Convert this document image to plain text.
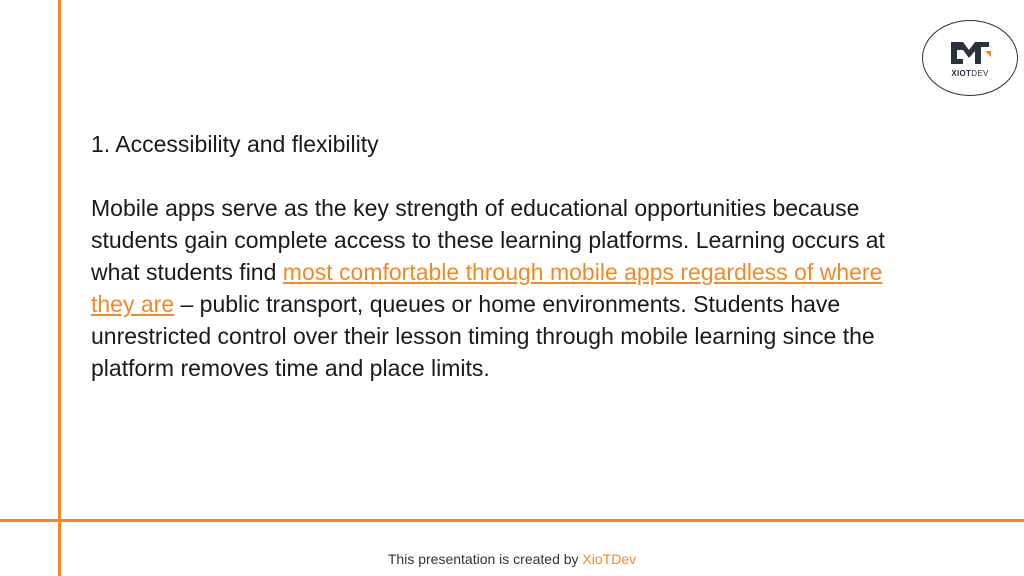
XIOTDEV

1. Accessibility and flexibility

Mobile apps serve as the key strength of educational opportunities because students gain complete access to these learning platforms. Learning occurs at what students find most comfortable through mobile apps regardless of where they are – public transport, queues or home environments. Students have unrestricted control over their lesson timing through mobile learning since the platform removes time and place limits.

This presentation is created by XioTDev
